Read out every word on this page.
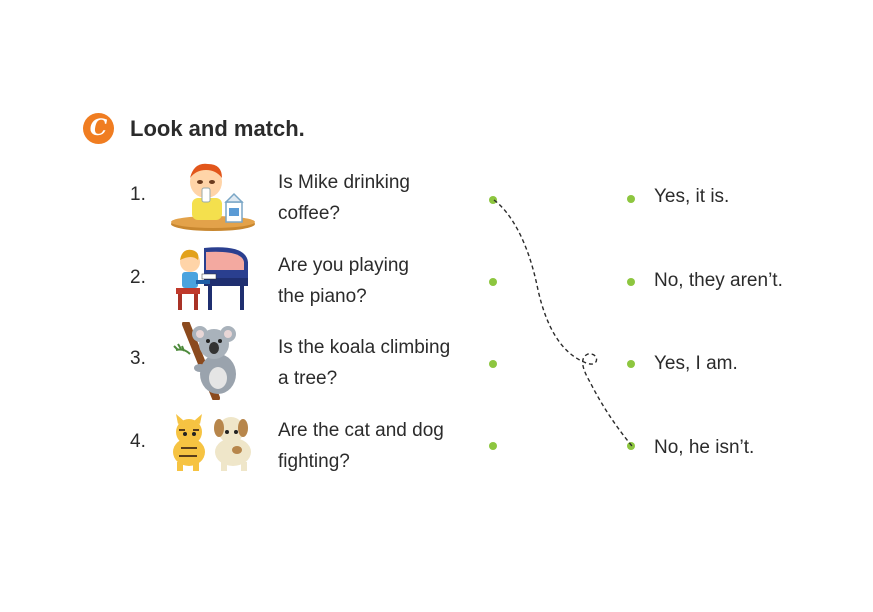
C	Look and match.
1.
Is Mike drinking
coffee?
2.
Are you playing
the piano?
3.
Is the koala climbing
a tree?
4.
Are the cat and dog
fighting?
Yes, it is.
No, they aren’t.
Yes, I am.
No, he isn’t.
